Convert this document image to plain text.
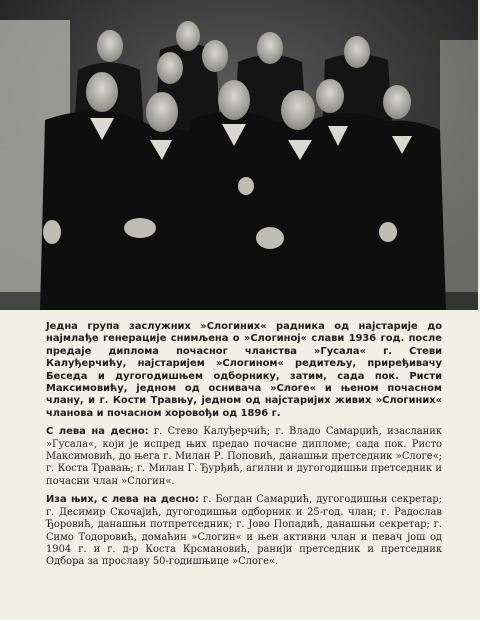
Једна група заслужних »Слогиних« радника од најстарије до најмлађе генерације снимљена о »Слогиној« слави 1936 год. после предаје диплома почасног чланства »Гусала« г. Стеви Калуђерчићу, најстаријем »Слогином« редитељу, приређивачу Беседа и дугогодишњем одборнику, затим, сада пок. Ристи Максимовићу, једном од оснивача »Слоге« и њеном почасном члану, и г. Кости Травњу, једном од најстаријих живих »Слогиних« чланова и почасном хоровођи од 1896 г.

С лева на десно: г. Стево Калуђерчић; г. Владо Самарџић, изасланик »Гусала«, који је испред њих предао почасне дипломе; сада пок. Ристо Максимовић, до њега г. Милан Р. Поповић, данашњи претседник »Слоге«; г. Коста Травањ; г. Милан Г. Ђурђић, агилни и дугогодишњи претседник и почасни члан »Слогин«.

Иза њих, с лева на десно: г. Богдан Самарџић, дугогодишњи секретар; г. Десимир Скочајић, дугогодишњи одборник и 25-год. члан; г. Радослав Ђоровић, данашњи потпретседник; г. Јово Попадић, данашњи секретар; г. Симо Тодоровић, домаћин »Слогин« и њен активни члан и певач још од 1904 г. и г. д-р Коста Крсмановић, ранији претседник и претседник Одбора за прославу 50-годишњице »Слоге«.
